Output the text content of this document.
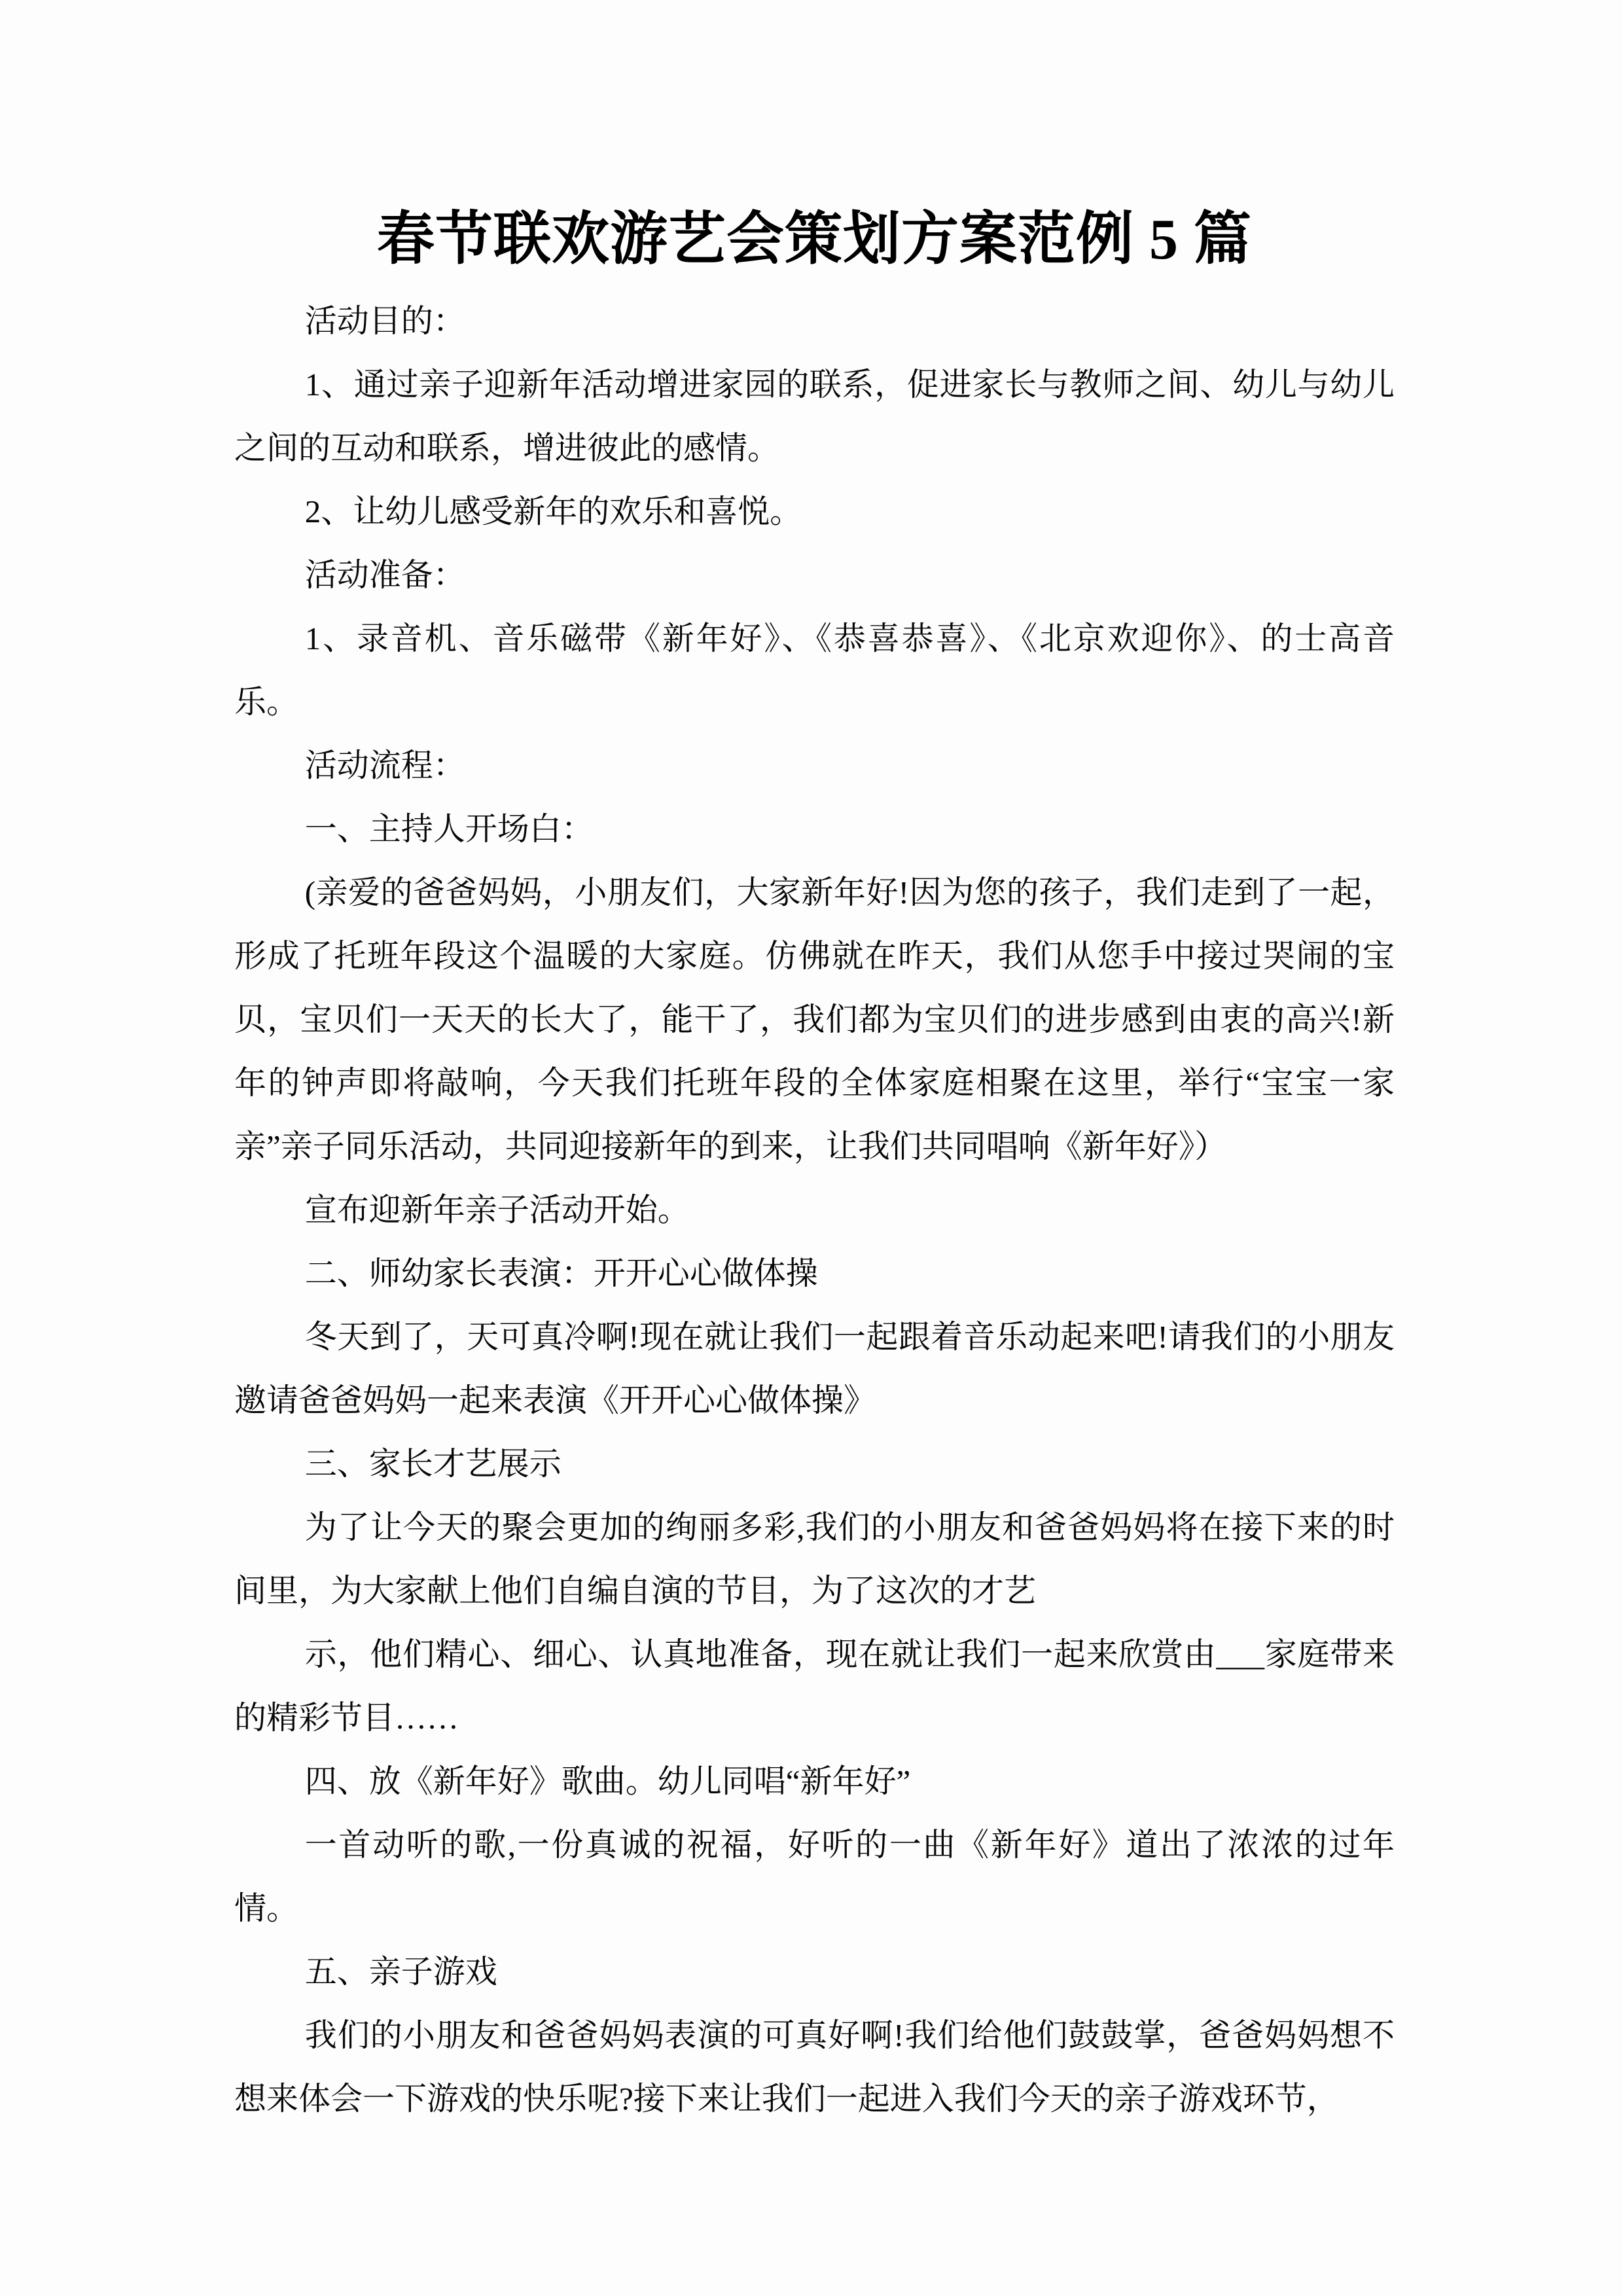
春节联欢游艺会策划方案范例 5 篇

活动目的：

1、通过亲子迎新年活动增进家园的联系，促进家长与教师之间、幼儿与幼儿之间的互动和联系，增进彼此的感情。

2、让幼儿感受新年的欢乐和喜悦。

活动准备：

1、录音机、音乐磁带《新年好》、《恭喜恭喜》、《北京欢迎你》、的士高音乐。

活动流程：

一、主持人开场白：

(亲爱的爸爸妈妈，小朋友们，大家新年好!因为您的孩子，我们走到了一起，形成了托班年段这个温暖的大家庭。仿佛就在昨天，我们从您手中接过哭闹的宝贝，宝贝们一天天的长大了，能干了，我们都为宝贝们的进步感到由衷的高兴!新年的钟声即将敲响，今天我们托班年段的全体家庭相聚在这里，举行“宝宝一家亲”亲子同乐活动，共同迎接新年的到来，让我们共同唱响《新年好》）

宣布迎新年亲子活动开始。

二、师幼家长表演：开开心心做体操

冬天到了，天可真冷啊!现在就让我们一起跟着音乐动起来吧!请我们的小朋友邀请爸爸妈妈一起来表演《开开心心做体操》

三、家长才艺展示

为了让今天的聚会更加的绚丽多彩,我们的小朋友和爸爸妈妈将在接下来的时间里，为大家献上他们自编自演的节目，为了这次的才艺

示，他们精心、细心、认真地准备，现在就让我们一起来欣赏由___家庭带来的精彩节目……

四、放《新年好》歌曲。幼儿同唱“新年好”

一首动听的歌,一份真诚的祝福，好听的一曲《新年好》道出了浓浓的过年情。

五、亲子游戏

我们的小朋友和爸爸妈妈表演的可真好啊!我们给他们鼓鼓掌，爸爸妈妈想不想来体会一下游戏的快乐呢?接下来让我们一起进入我们今天的亲子游戏环节，
